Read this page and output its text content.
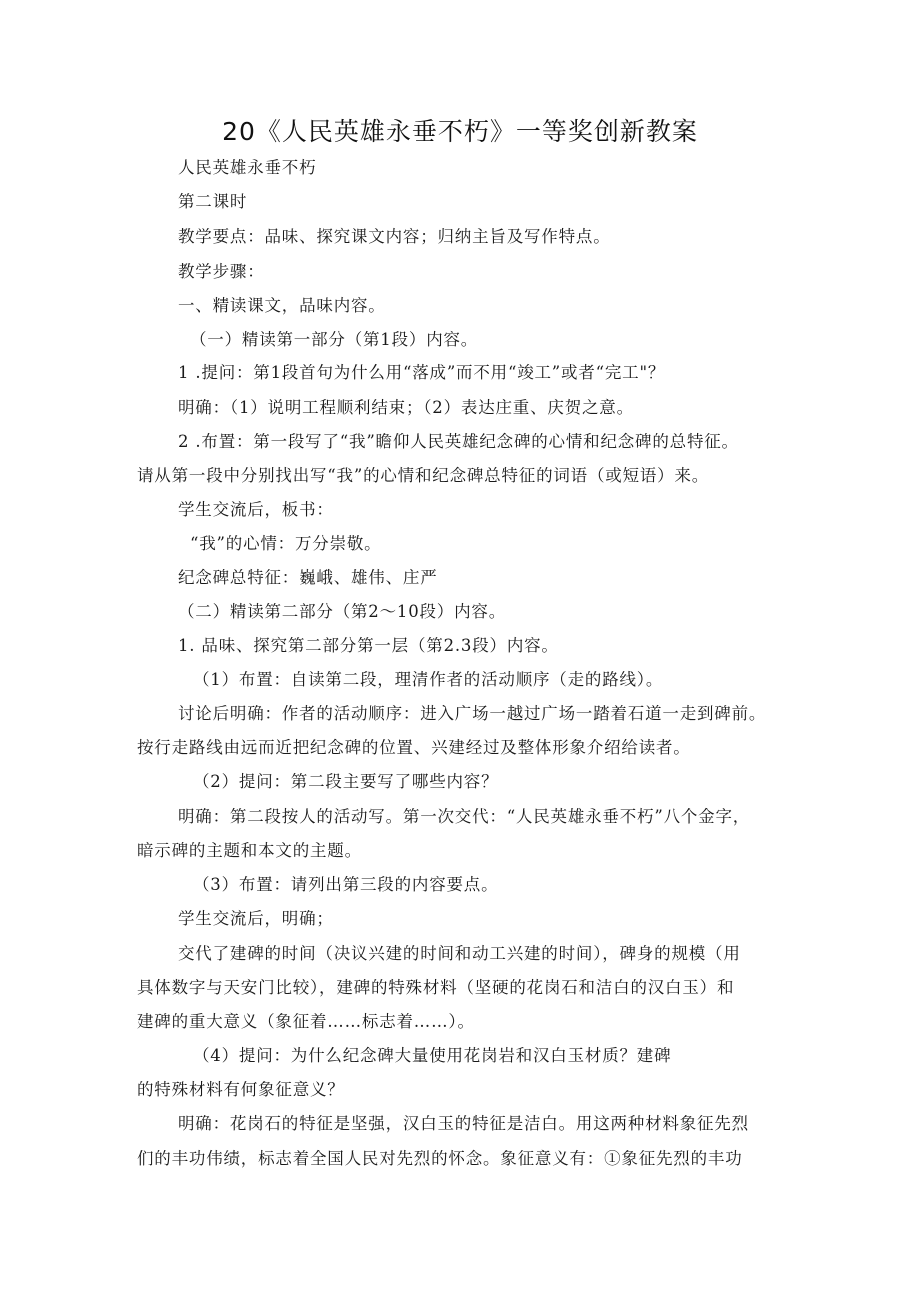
20《人民英雄永垂不朽》一等奖创新教案
人民英雄永垂不朽
第二课时
教学要点：品味、探究课文内容；归纳主旨及写作特点。
教学步骤：
一、精读课文，品味内容。
（一）精读第一部分（第1段）内容。
1 .提问：第1段首句为什么用“落成”而不用“竣工”或者“完工"？
明确：（1）说明工程顺利结束；（2）表达庄重、庆贺之意。
2 .布置：第一段写了“我”瞻仰人民英雄纪念碑的心情和纪念碑的总特征。
请从第一段中分别找出写“我”的心情和纪念碑总特征的词语（或短语）来。
学生交流后，板书：
“我”的心情：万分崇敬。
纪念碑总特征：巍峨、雄伟、庄严
（二）精读第二部分（第2～10段）内容。
1. 品味、探究第二部分第一层（第2.3段）内容。
（1）布置：自读第二段，理清作者的活动顺序（走的路线）。
讨论后明确：作者的活动顺序：进入广场一越过广场一踏着石道一走到碑前。
按行走路线由远而近把纪念碑的位置、兴建经过及整体形象介绍给读者。
（2）提问：第二段主要写了哪些内容？
明确：第二段按人的活动写。第一次交代：“人民英雄永垂不朽”八个金字，
暗示碑的主题和本文的主题。
（3）布置：请列出第三段的内容要点。
学生交流后，明确；
交代了建碑的时间（决议兴建的时间和动工兴建的时间），碑身的规模（用
具体数字与天安门比较），建碑的特殊材料（坚硬的花岗石和洁白的汉白玉）和
建碑的重大意义（象征着……标志着……）。
（4）提问：为什么纪念碑大量使用花岗岩和汉白玉材质？建碑
的特殊材料有何象征意义？
明确：花岗石的特征是坚强，汉白玉的特征是洁白。用这两种材料象征先烈
们的丰功伟绩，标志着全国人民对先烈的怀念。象征意义有：①象征先烈的丰功
